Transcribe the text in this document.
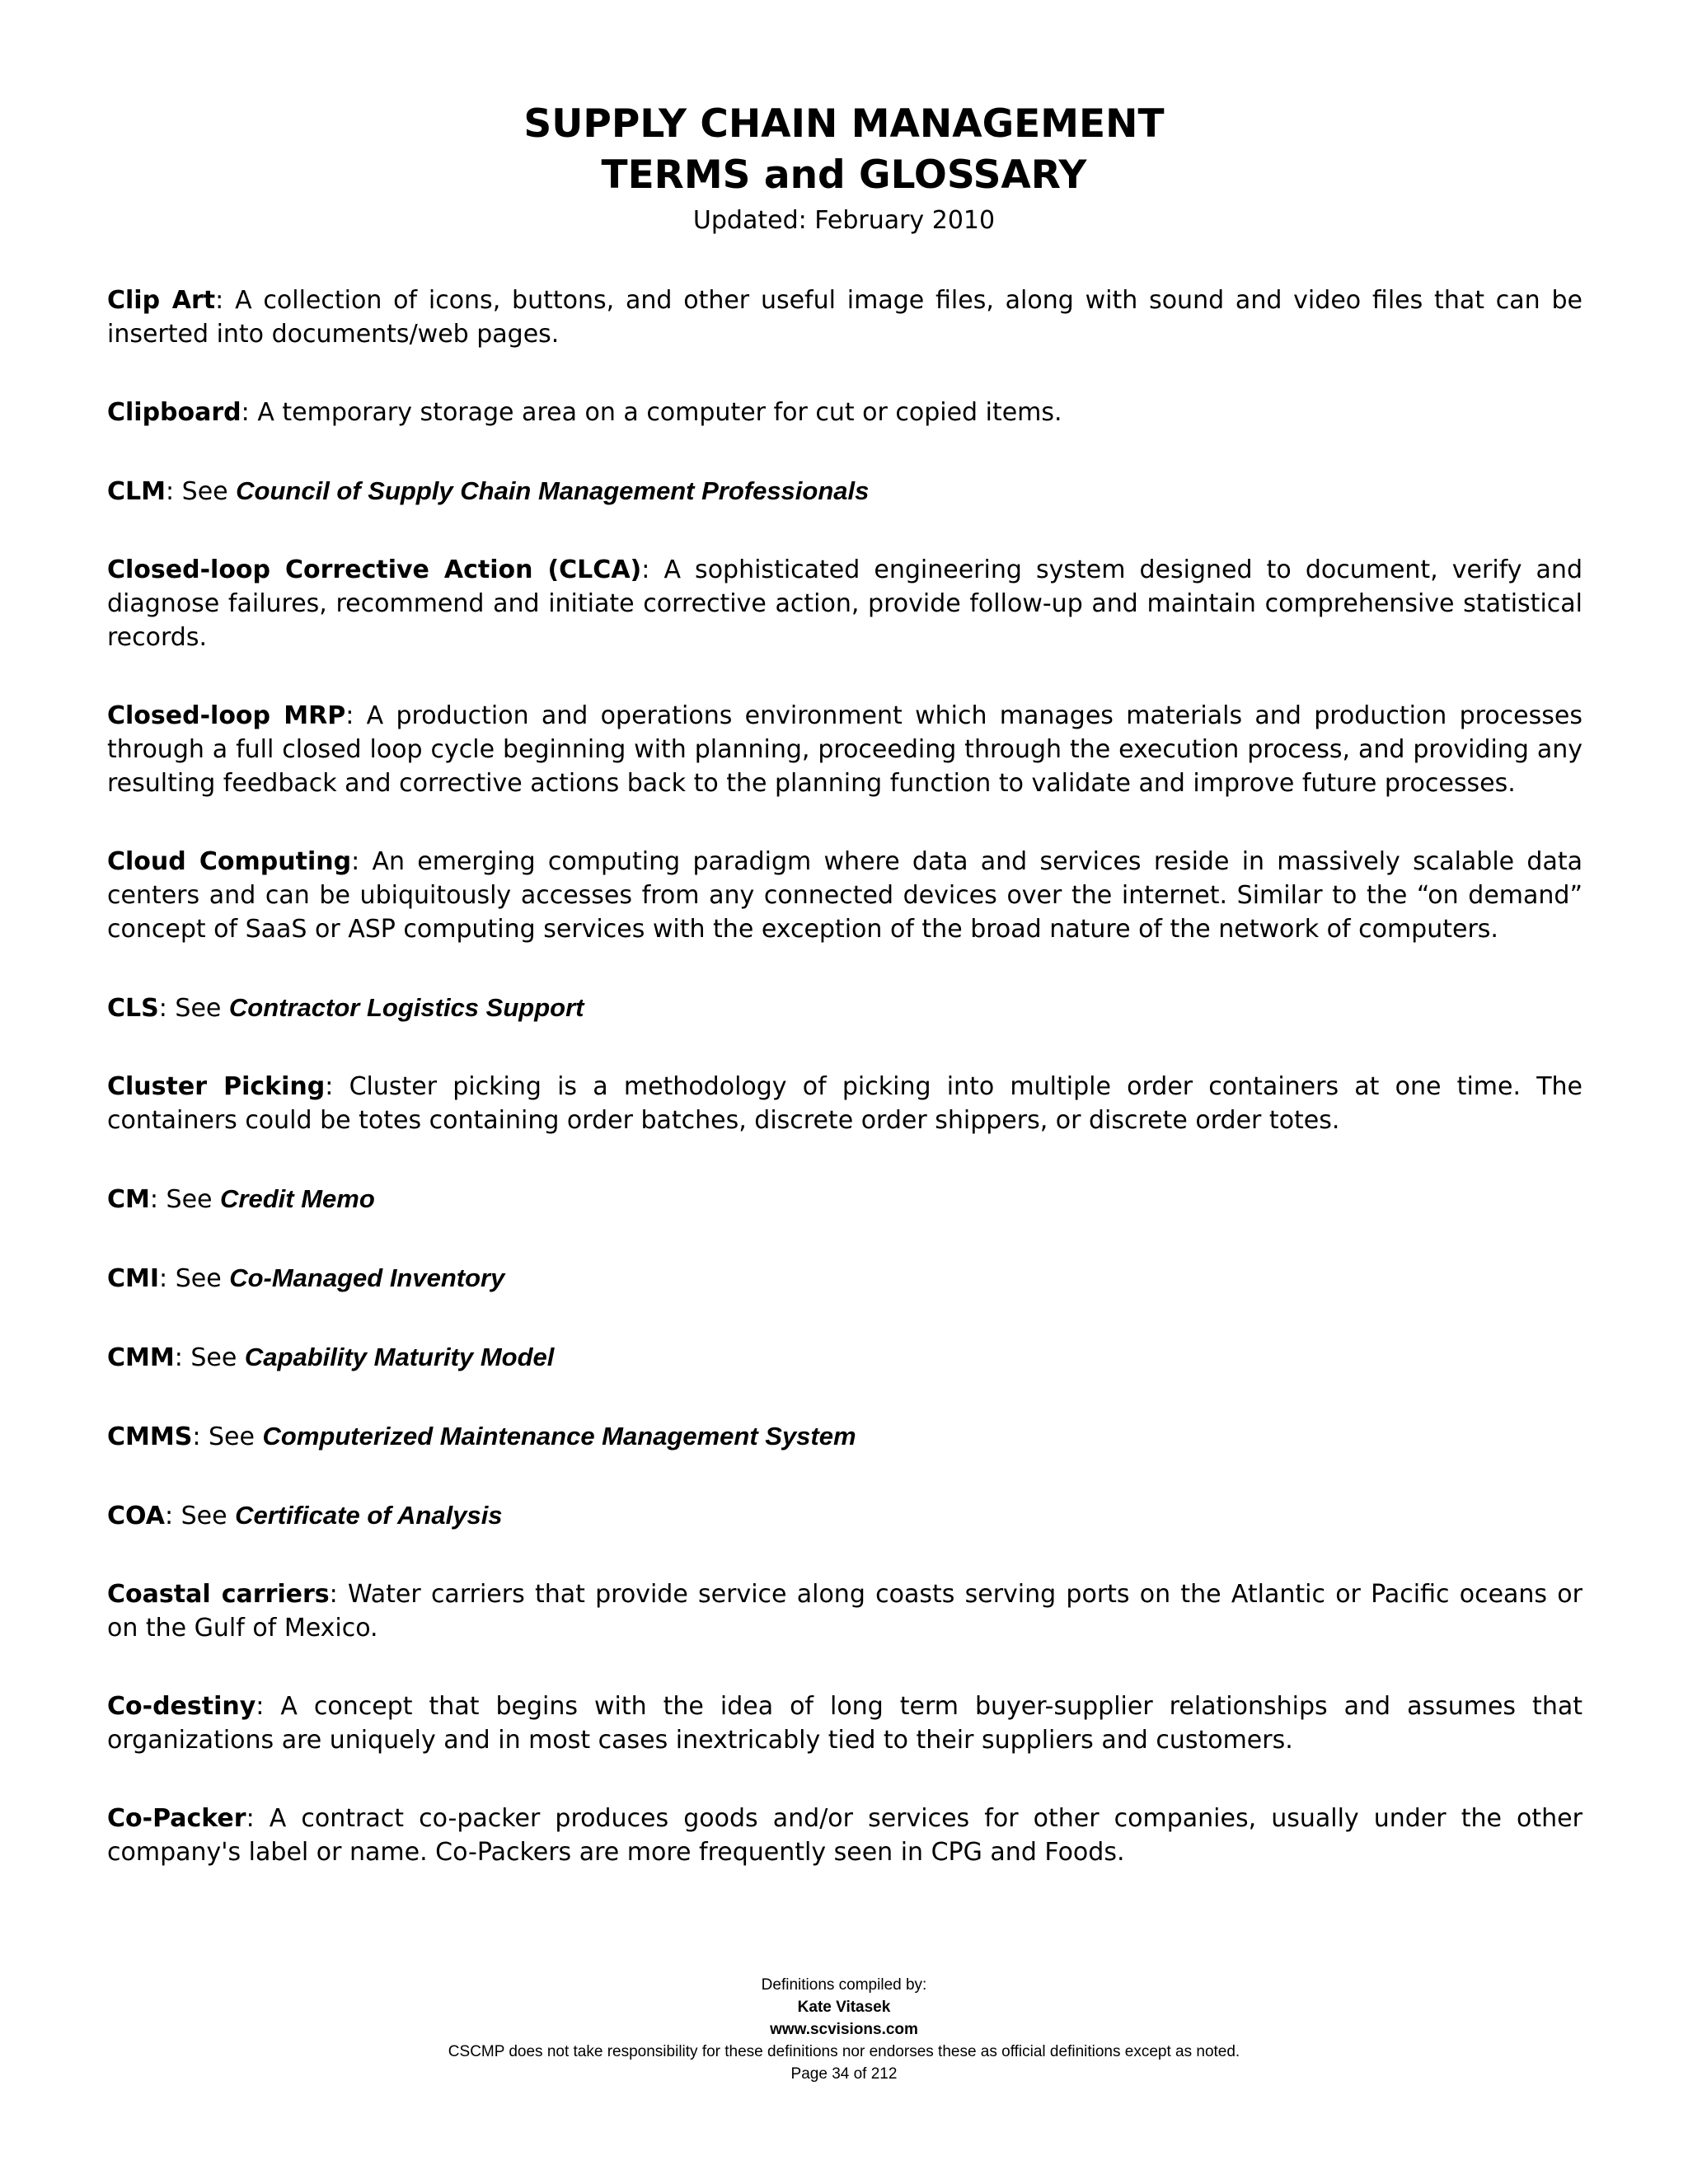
SUPPLY CHAIN MANAGEMENT
TERMS and GLOSSARY
Updated: February 2010

Clip Art: A collection of icons, buttons, and other useful image files, along with sound and video files that can be inserted into documents/web pages.

Clipboard: A temporary storage area on a computer for cut or copied items.

CLM: See Council of Supply Chain Management Professionals

Closed-loop Corrective Action (CLCA): A sophisticated engineering system designed to document, verify and diagnose failures, recommend and initiate corrective action, provide follow-up and maintain comprehensive statistical records.

Closed-loop MRP: A production and operations environment which manages materials and production processes through a full closed loop cycle beginning with planning, proceeding through the execution process, and providing any resulting feedback and corrective actions back to the planning function to validate and improve future processes.

Cloud Computing: An emerging computing paradigm where data and services reside in massively scalable data centers and can be ubiquitously accesses from any connected devices over the internet. Similar to the “on demand” concept of SaaS or ASP computing services with the exception of the broad nature of the network of computers.

CLS: See Contractor Logistics Support

Cluster Picking: Cluster picking is a methodology of picking into multiple order containers at one time. The containers could be totes containing order batches, discrete order shippers, or discrete order totes.

CM: See Credit Memo

CMI: See Co-Managed Inventory

CMM: See Capability Maturity Model

CMMS: See Computerized Maintenance Management System

COA: See Certificate of Analysis

Coastal carriers: Water carriers that provide service along coasts serving ports on the Atlantic or Pacific oceans or on the Gulf of Mexico.

Co-destiny: A concept that begins with the idea of long term buyer-supplier relationships and assumes that organizations are uniquely and in most cases inextricably tied to their suppliers and customers.

Co-Packer: A contract co-packer produces goods and/or services for other companies, usually under the other company's label or name. Co-Packers are more frequently seen in CPG and Foods.

Definitions compiled by:
Kate Vitasek
www.scvisions.com
CSCMP does not take responsibility for these definitions nor endorses these as official definitions except as noted.
Page 34 of 212
